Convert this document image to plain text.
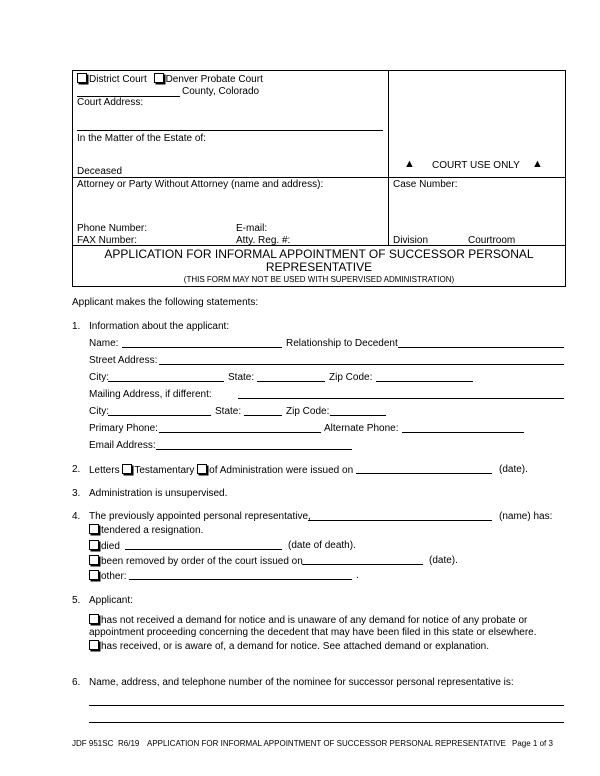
District Court Denver Probate Court
County, Colorado
Court Address:
In the Matter of the Estate of:
Deceased
▲ COURT USE ONLY ▲
Attorney or Party Without Attorney (name and address):
Phone Number:	E-mail:
FAX Number:	Atty. Reg. #:
Case Number:
Division	Courtroom
APPLICATION FOR INFORMAL APPOINTMENT OF SUCCESSOR PERSONAL
REPRESENTATIVE
(THIS FORM MAY NOT BE USED WITH SUPERVISED ADMINISTRATION)
Applicant makes the following statements:
1. Information about the applicant:
Name:	Relationship to Decedent
Street Address:
City:	State:	Zip Code:
Mailing Address, if different:
City:	State:	Zip Code:
Primary Phone:	Alternate Phone:
Email Address:
2. Letters Testamentary of Administration were issued on	(date).
3. Administration is unsupervised.
4. The previously appointed personal representative,	(name) has:
tendered a resignation.
died	(date of death).
been removed by order of the court issued on	(date).
other:	.
5. Applicant:
has not received a demand for notice and is unaware of any demand for notice of any probate or
appointment proceeding concerning the decedent that may have been filed in this state or elsewhere.
has received, or is aware of, a demand for notice. See attached demand or explanation.
6. Name, address, and telephone number of the nominee for successor personal representative is:
JDF 951SC R6/19 APPLICATION FOR INFORMAL APPOINTMENT OF SUCCESSOR PERSONAL REPRESENTATIVE Page 1 of 3
